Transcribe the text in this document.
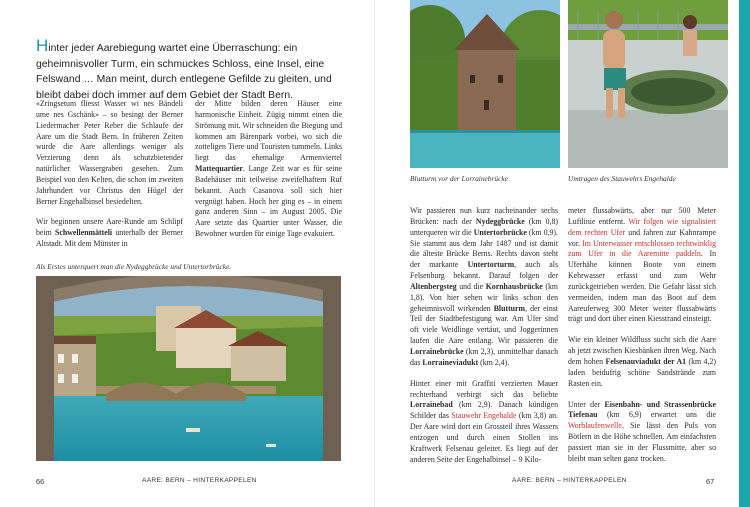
Hinter jeder Aarebiegung wartet eine Überraschung: ein geheimnisvoller Turm, ein schmuckes Schloss, eine Insel, eine Felswand … Man meint, durch entlegene Gefilde zu gleiten, und bleibt dabei doch immer auf dem Gebiet der Stadt Bern.

«Zringsetum fliesst Wasser wi nes Bändeli ume nes Gschänk» – so besingt der Berner Liedermacher Peter Reber die Schlaufe der Aare um die Stadt Bern. In früheren Zeiten wurde die Aare allerdings weniger als Verzierung denn als schutzbietender natürlicher Wassergraben gesehen. Zum Beispiel von den Kelten, die schon im zweiten Jahrhundert vor Christus den Hügel der Berner Engehalbinsel besiedelten.

Wir beginnen unsere Aare-Runde am Schlipf beim Schwellenmätteli unterhalb der Berner Altstadt. Mit dem Münster in

der Mitte bilden deren Häuser eine harmonische Einheit. Zügig nimmt einen die Strömung mit. Wir schneiden die Biegung und kommen am Bärenpark vorbei, wo sich die zotteligen Tiere und Touristen tummeln. Links liegt das ehemalige Armenviertel Mattequartier. Lange Zeit war es für seine Badehäuser mit teilweise zweifelhaftem Ruf bekannt. Auch Casanova soll sich hier vergnügt haben. Hoch her ging es – in einem ganz anderen Sinn – im August 2005. Die Aare setzte das Quartier unter Wasser, die Bewohner wurden für einige Tage evakuiert.

Als Erstes unterquert man die Nydeggbrücke und Untertorbrücke.
66	AARE: BERN – HINTERKAPPELEN
Blutturm vor der Lorrainebrücke	Umtragen des Stauwehrs Engehalde

Wir passieren nun kurz nacheinander sechs Brücken: nach der Nydeggbrücke (km 0,8) unterqueren wir die Untertorbrücke (km 0,9). Sie stammt aus dem Jahr 1487 und ist damit die älteste Brücke Berns. Rechts davon steht der markante Untertorturm, auch als Felsenburg bekannt. Darauf folgen der Altenbergsteg und die Kornhausbrücke (km 1,8). Von hier sehen wir links schon den geheimnisvoll wirkenden Blutturm, der einst Teil der Stadtbefestigung war. Am Ufer sind oft viele Weidlinge vertäut, und Joggerinnen laufen die Aare entlang. Wir passieren die Lorrainebrücke (km 2,3), unmittelbar danach das Lorraineviadukt (km 2,4).

Hinter einer mit Graffiti verzierten Mauer rechterhand verbirgt sich das beliebte Lorrainebad (km 2,9). Danach kündigen Schilder das Stauwehr Engehalde (km 3,8) an. Der Aare wird dort ein Grossteil ihres Wassers entzogen und durch einen Stollen ins Kraftwerk Felsenau geleitet. Es liegt auf der anderen Seite der Engehalbinsel – 9 Kilo-

meter flussabwärts, aber nur 500 Meter Luftlinie entfernt. Wir folgen wie signalisiert dem rechten Ufer und fahren zur Kahnrampe vor. Im Unterwasser entschlossen rechtwinklig zum Ufer in die Aaremitte paddeln. In Uferhähe können Boote von einem Kehrwasser erfasst und zum Wehr zurückgetrieben werden. Die Gefahr lässt sich vermeiden, indem man das Boot auf dem Aareuferweg 300 Meter weiter flussabwärts trägt und dort über einen Kiesstrand einsteigt.

Wie ein kleiner Wildfluss sucht sich die Aare ab jetzt zwischen Kiesbänken ihren Weg. Nach dem hohen Felsenauviadukt der A1 (km 4,2) laden beidufrig schöne Sandstrände zum Rasten ein.

Unter der Eisenbahn- und Strassenbrücke Tiefenau (km 6,9) erwartet uns die Worblaufenwelle. Sie lässt den Puls von Bötlern in die Höhe schnellen. Am einfachsten passiert man sie in der Flussmitte, aber so bleibt man selten ganz trocken.

AARE: BERN – HINTERKAPPELEN	67
